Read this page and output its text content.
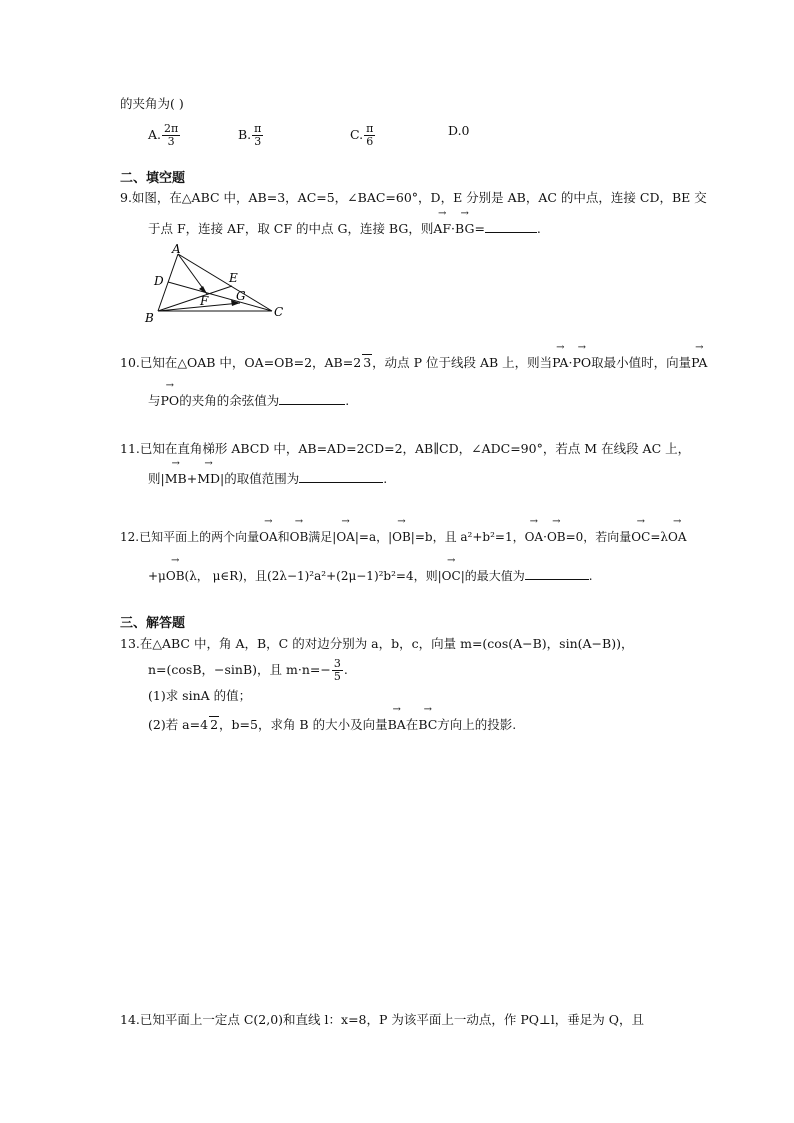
的夹角为( )
A. $\frac{2\pi}{3}$	B. $\frac{\pi}{3}$	C. $\frac{\pi}{6}$	D.0
二、填空题
9.如图，在△ABC 中，AB=3，AC=5，∠BAC=60°，D，E 分别是 AB，AC 的中点，连接 CD，BE 交
于点 F，连接 AF，取 CF 的中点 G，连接 BG，则→ AF·→ BG=	.
A
B	C
D	E
F G
10.已知在△OAB 中，OA=OB=2，AB=2 3，动点 P 位于线段 AB 上，则当→ PA·→ PO取最小值时，向量→ PA
与→ PO的夹角的余弦值为	.
11.已知在直角梯形 ABCD 中，AB=AD=2CD=2，AB∥CD，∠ADC=90°，若点 M 在线段 AC 上，
则|→ MB+→ MD|的取值范围为	.
12.已知平面上的两个向量→ OA和→ OB满足|→ OA|=a，|→ OB|=b，且 a²+b²=1，→ OA·→ OB=0，若向量→ OC=λ→ OA
+μ→ OB(λ， μ∈R)，且(2λ−1)²a²+(2μ−1)²b²=4，则|→ OC|的最大值为	.
三、解答题
13.在△ABC 中，角 A，B，C 的对边分别为 a，b，c，向量 m=(cos(A−B)，sin(A−B))，
n=(cosB，−sinB)，且 $m\cdot n=- \frac{3}{5}$ .
(1)求 sinA 的值；
(2)若 a=4 2，b=5，求角 B 的大小及向量→ BA在→ BC方向上的投影.
14.已知平面上一定点 C(2,0)和直线 l：x=8，P 为该平面上一动点，作 PQ⊥l，垂足为 Q，且
